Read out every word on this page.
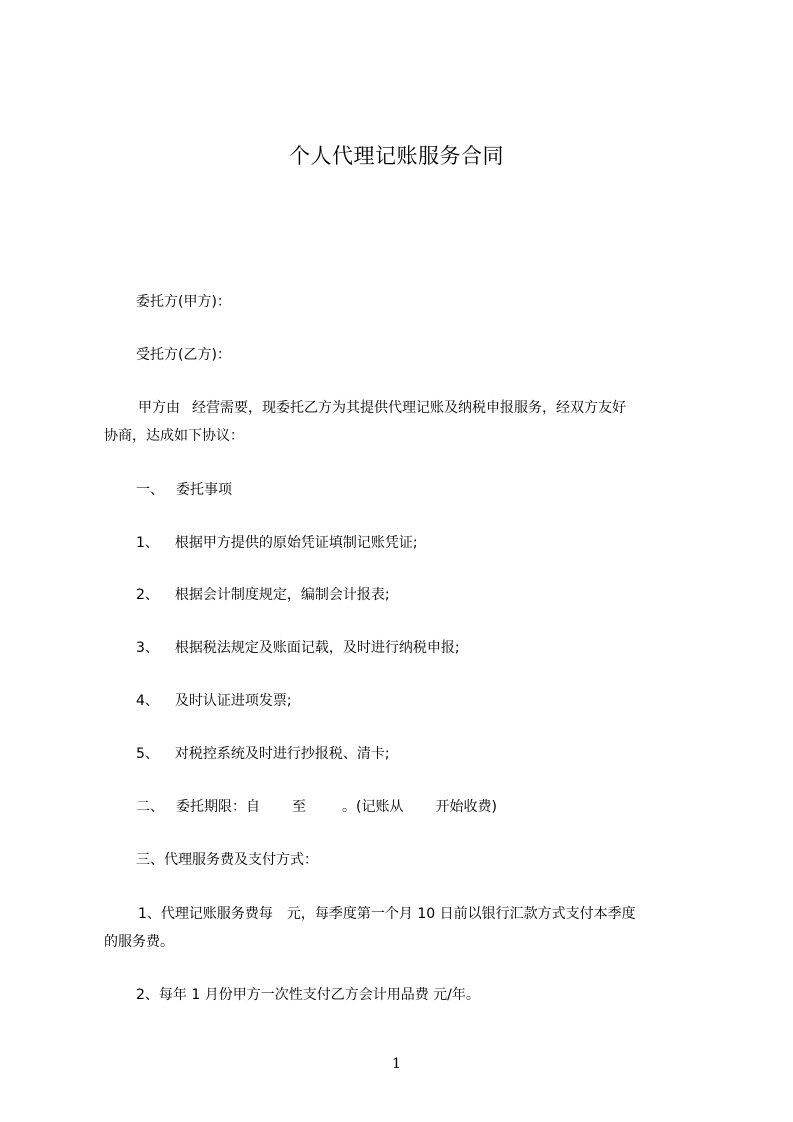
个人代理记账服务合同
委托方(甲方)：
受托方(乙方)：
甲方由 经营需要，现委托乙方为其提供代理记账及纳税申报服务，经双方友好
协商，达成如下协议：
一、 委托事项
1、 根据甲方提供的原始凭证填制记账凭证;
2、 根据会计制度规定，编制会计报表;
3、 根据税法规定及账面记载，及时进行纳税申报;
4、 及时认证进项发票;
5、 对税控系统及时进行抄报税、清卡;
二、 委托期限：自 至	。(记账从 开始收费)
三、代理服务费及支付方式：
1、代理记账服务费每 元，每季度第一个月 10 日前以银行汇款方式支付本季度
的服务费。
2、每年 1 月份甲方一次性支付乙方会计用品费 元/年。
1
